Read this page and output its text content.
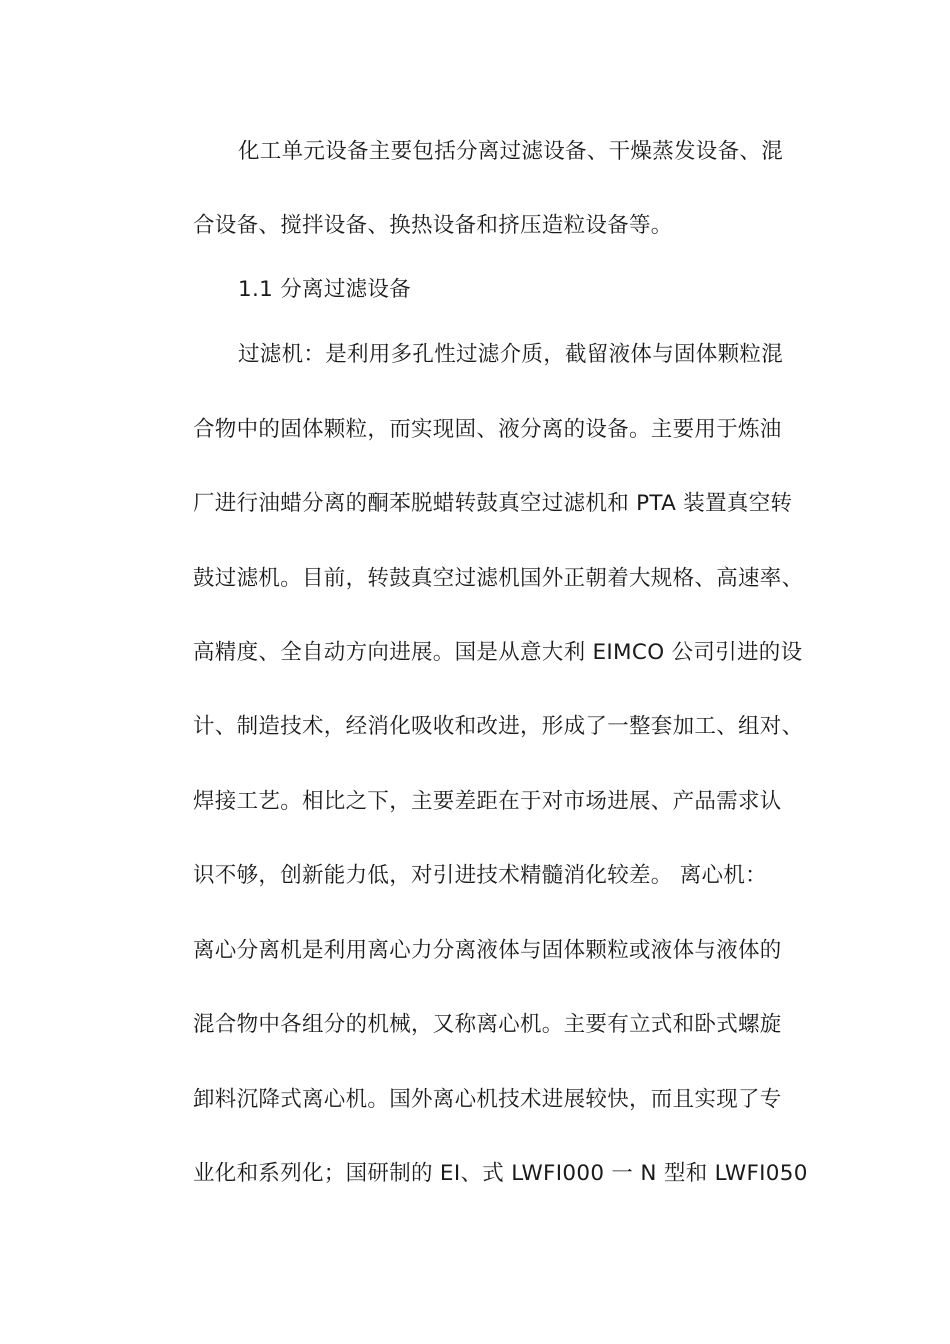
化工单元设备主要包括分离过滤设备、干燥蒸发设备、混
合设备、搅拌设备、换热设备和挤压造粒设备等。
1.1 分离过滤设备
过滤机：是利用多孔性过滤介质，截留液体与固体颗粒混
合物中的固体颗粒，而实现固、液分离的设备。主要用于炼油
厂进行油蜡分离的酮苯脱蜡转鼓真空过滤机和 PTA 装置真空转
鼓过滤机。目前，转鼓真空过滤机国外正朝着大规格、高速率、
高精度、全自动方向进展。国是从意大利 EIMCO 公司引进的设
计、制造技术，经消化吸收和改进，形成了一整套加工、组对、
焊接工艺。相比之下，主要差距在于对市场进展、产品需求认
识不够，创新能力低，对引进技术精髓消化较差。 离心机：
离心分离机是利用离心力分离液体与固体颗粒或液体与液体的
混合物中各组分的机械，又称离心机。主要有立式和卧式螺旋
卸料沉降式离心机。国外离心机技术进展较快，而且实现了专
业化和系列化；国研制的 EI、式 LWFI000 一 N 型和 LWFI050
